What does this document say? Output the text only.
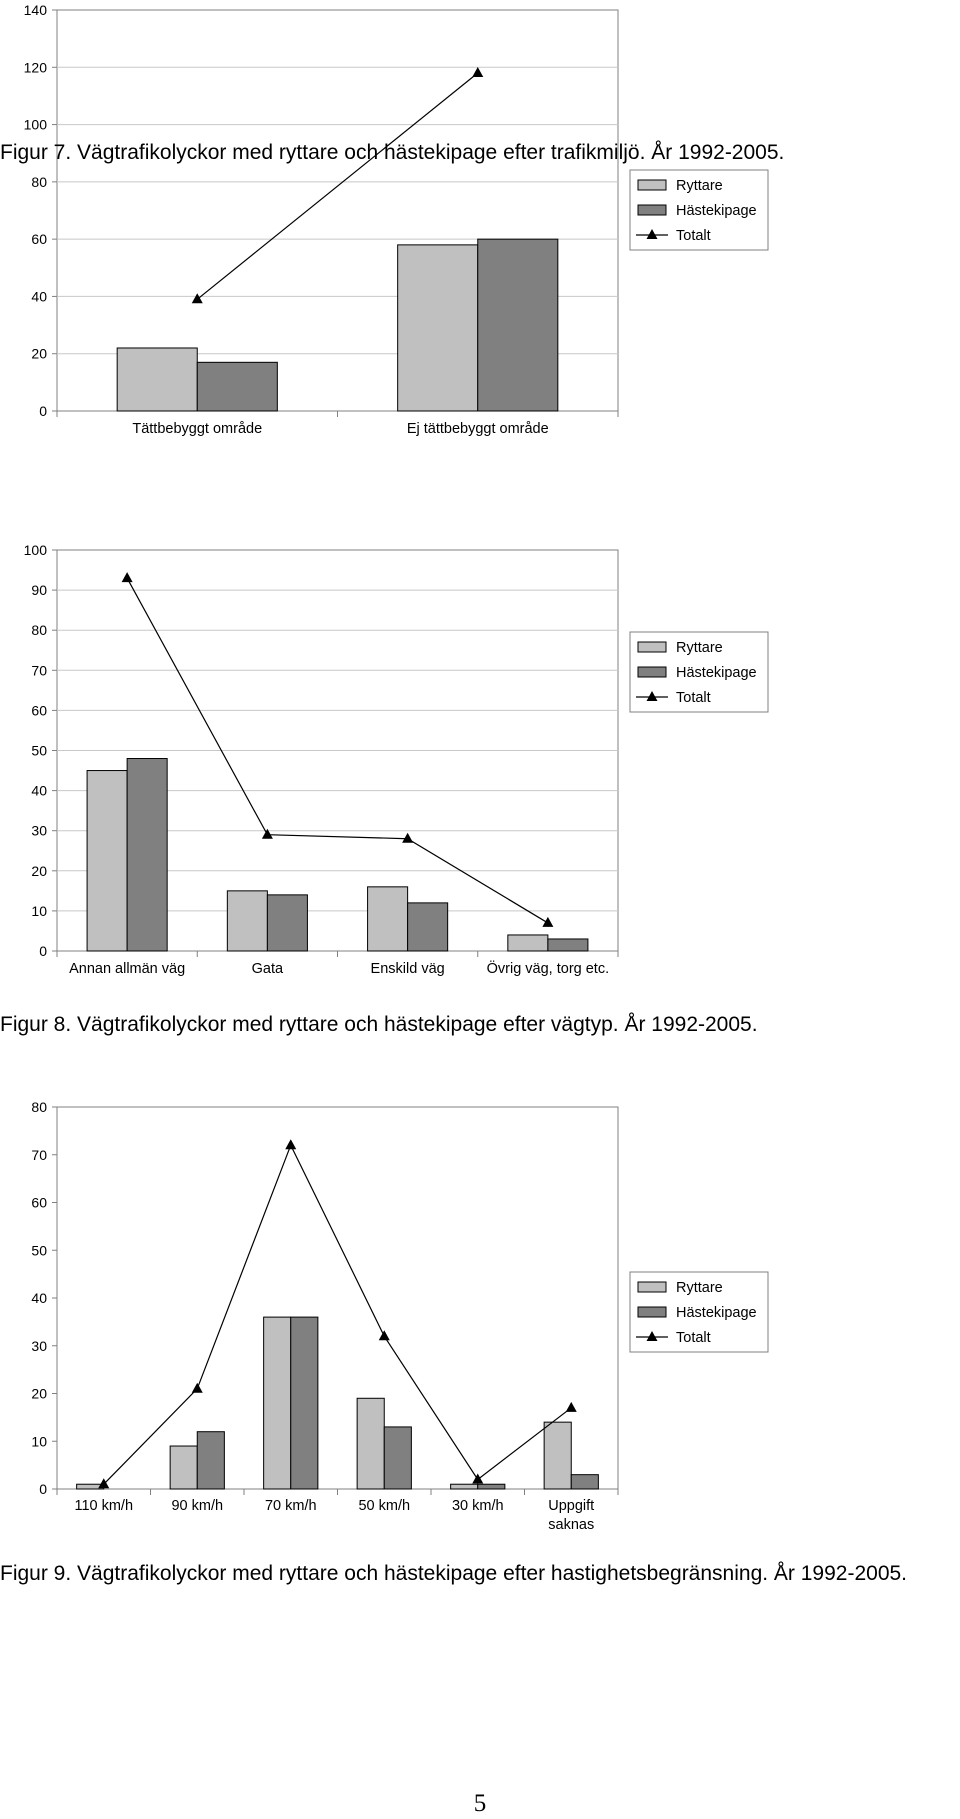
0
20
40
60
80
100
120
140
Tättbebyggt område	Ej tättbebyggt område
Ryttare
Hästekipage
Totalt
Figur 7. Vägtrafikolyckor med ryttare och hästekipage efter trafikmiljö. År 1992-2005.
0
10
20
30
40
50
60
70
80
90
100
Annan allmän väg	Gata	Enskild väg	Övrig väg, torg etc.
Ryttare
Hästekipage
Totalt
Figur 8. Vägtrafikolyckor med ryttare och hästekipage efter vägtyp. År 1992-2005.
0
10
20
30
40
50
60
70
80
110 km/h	90 km/h	70 km/h	50 km/h	30 km/h	Uppgift saknas
Ryttare
Hästekipage
Totalt
Figur 9. Vägtrafikolyckor med ryttare och hästekipage efter hastighetsbegränsning. År 1992-2005.
5
